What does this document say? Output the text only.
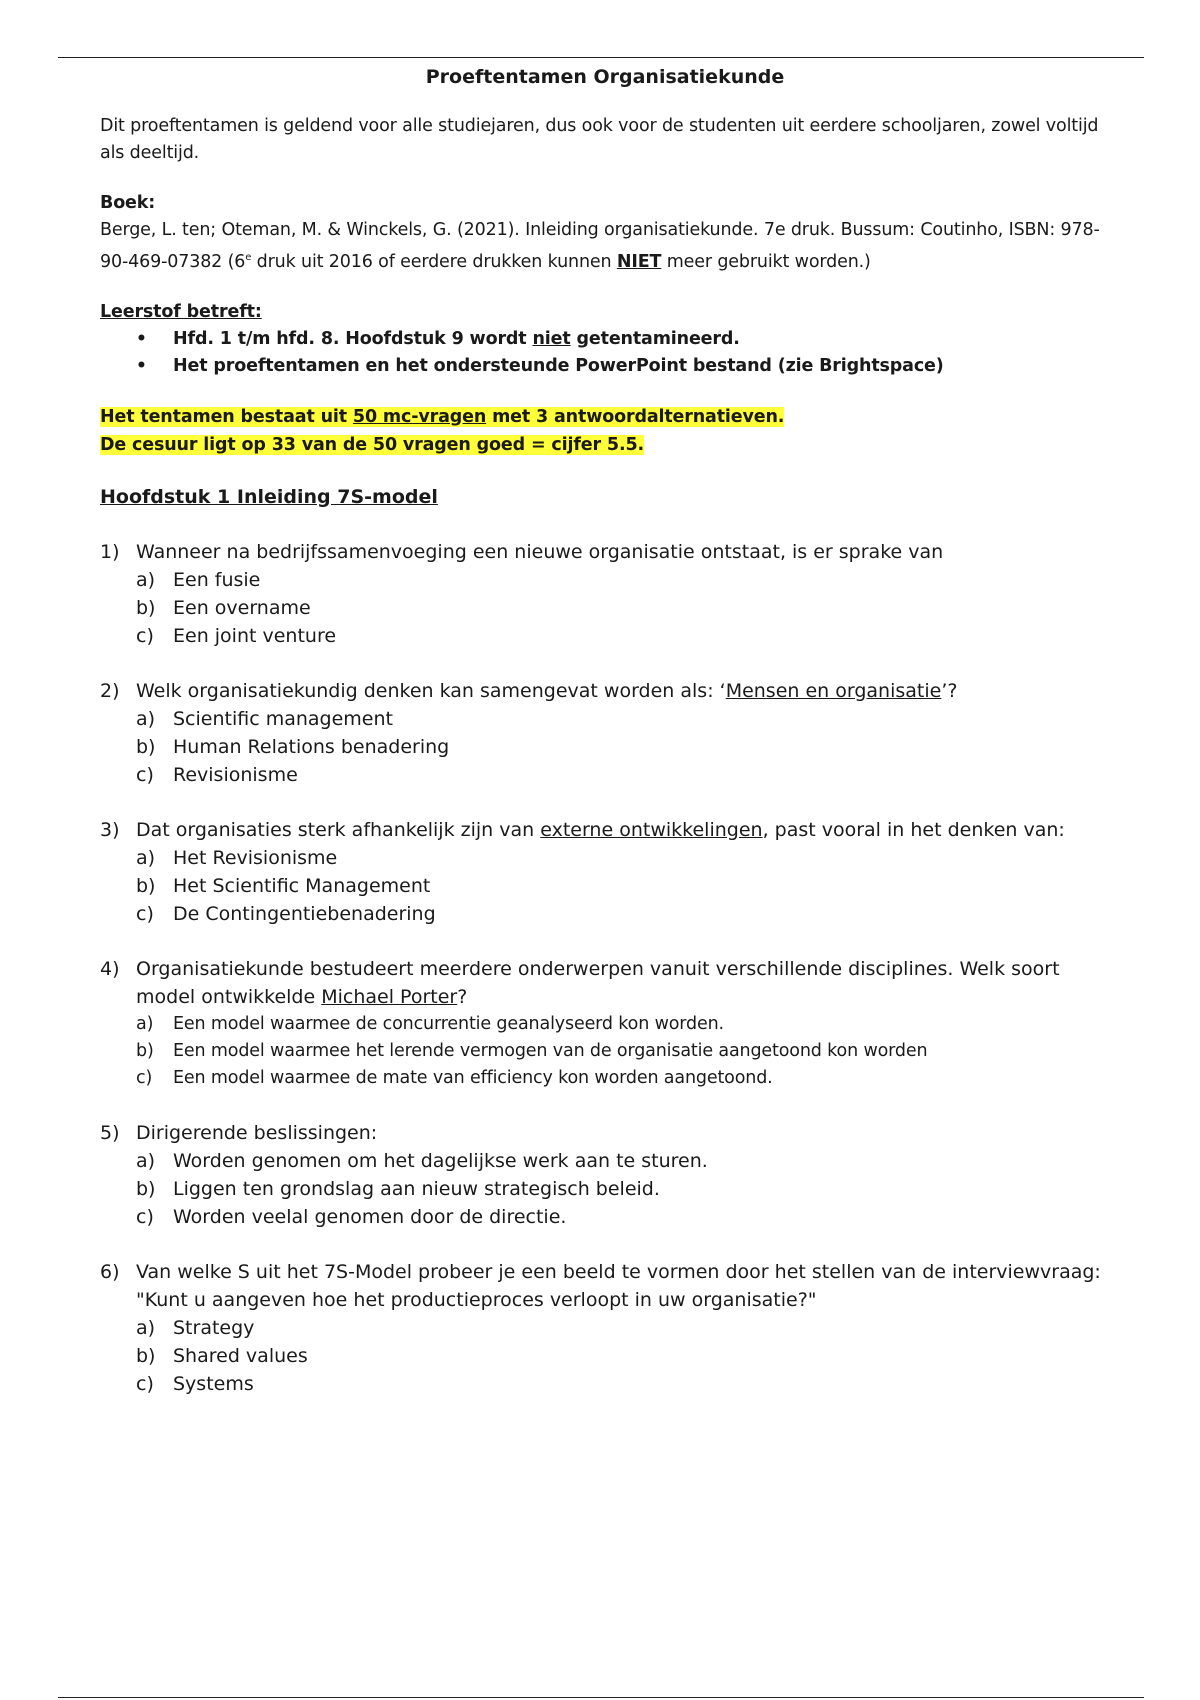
Proeftentamen Organisatiekunde
Dit proeftentamen is geldend voor alle studiejaren, dus ook voor de studenten uit eerdere schooljaren, zowel voltijd als deeltijd.
Boek:
Berge, L. ten; Oteman, M. & Winckels, G. (2021). Inleiding organisatiekunde. 7e druk. Bussum: Coutinho, ISBN: 978-90-469-07382 (6e druk uit 2016 of eerdere drukken kunnen NIET meer gebruikt worden.)
Leerstof betreft:
• Hfd. 1 t/m hfd. 8. Hoofdstuk 9 wordt niet getentamineerd.
• Het proeftentamen en het ondersteunde PowerPoint bestand (zie Brightspace)
Het tentamen bestaat uit 50 mc-vragen met 3 antwoordalternatieven.
De cesuur ligt op 33 van de 50 vragen goed = cijfer 5.5.
Hoofdstuk 1 Inleiding 7S-model
1) Wanneer na bedrijfssamenvoeging een nieuwe organisatie ontstaat, is er sprake van
a) Een fusie
b) Een overname
c)	Een joint venture
2) Welk organisatiekundig denken kan samengevat worden als: ‘Mensen en organisatie’?
a) Scientific management
b) Human Relations benadering
c)	Revisionisme
3) Dat organisaties sterk afhankelijk zijn van externe ontwikkelingen, past vooral in het denken van:
a) Het Revisionisme
b) Het Scientific Management
c)	De Contingentiebenadering
4) Organisatiekunde bestudeert meerdere onderwerpen vanuit verschillende disciplines. Welk soort model ontwikkelde Michael Porter?
a)	Een model waarmee de concurrentie geanalyseerd kon worden.
b)	Een model waarmee het lerende vermogen van de organisatie aangetoond kon worden
c)	Een model waarmee de mate van efficiency kon worden aangetoond.
5) Dirigerende beslissingen:
a) Worden genomen om het dagelijkse werk aan te sturen.
b) Liggen ten grondslag aan nieuw strategisch beleid.
c)	Worden veelal genomen door de directie.
6) Van welke S uit het 7S-Model probeer je een beeld te vormen door het stellen van de interviewvraag:
"Kunt u aangeven hoe het productieproces verloopt in uw organisatie?"
a) Strategy
b) Shared values
c)	Systems
